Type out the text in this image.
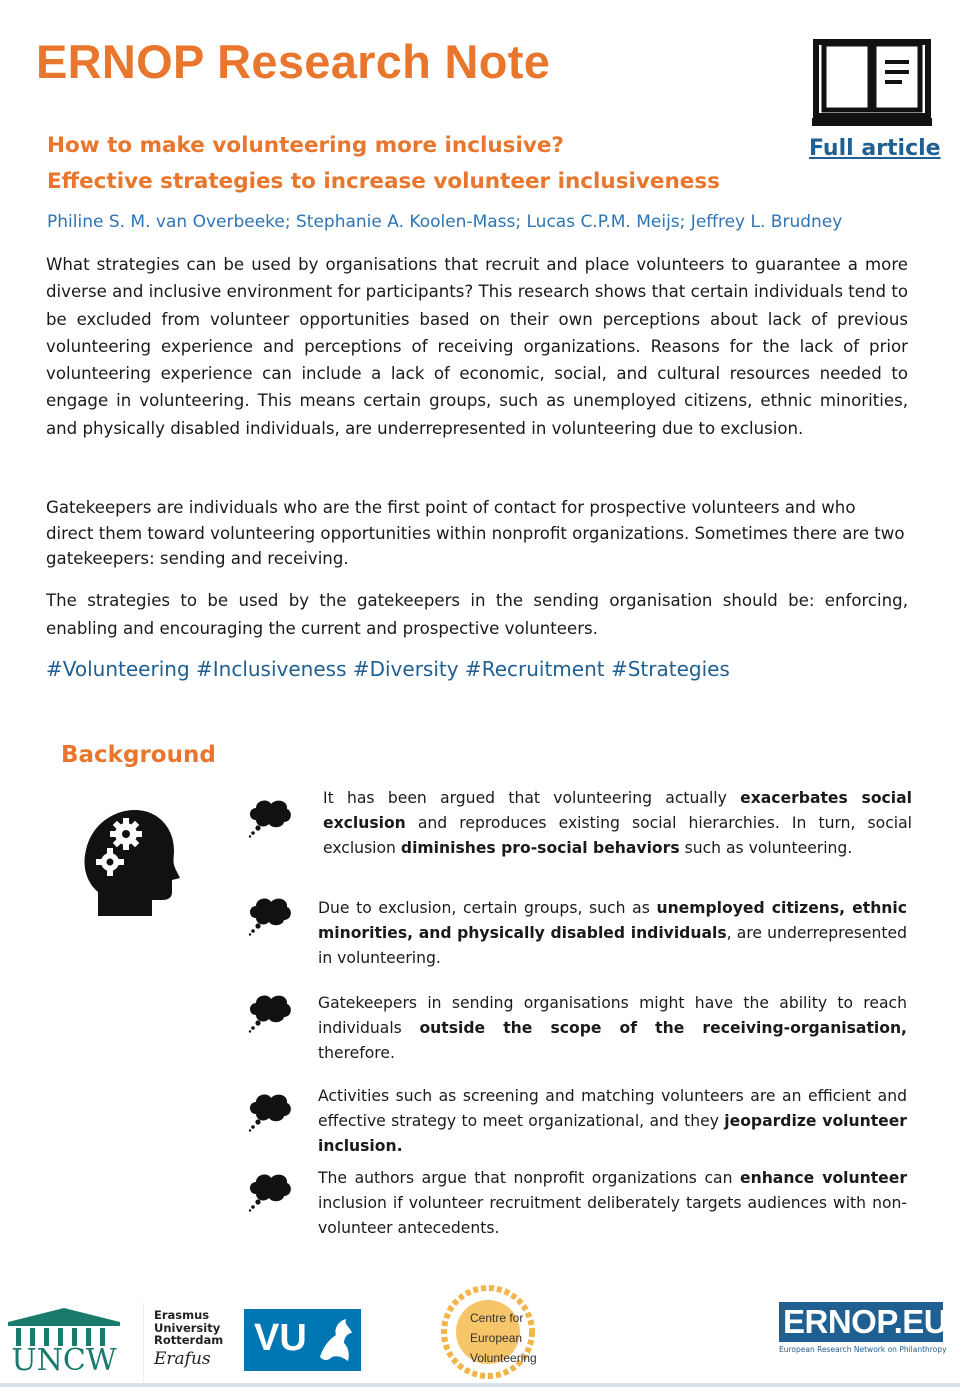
ERNOP Research Note
Full article
How to make volunteering more inclusive?
Effective strategies to increase volunteer inclusiveness
Philine S. M. van Overbeeke; Stephanie A. Koolen-Mass; Lucas C.P.M. Meijs; Jeffrey L. Brudney
What strategies can be used by organisations that recruit and place volunteers to guarantee a more diverse and inclusive environment for participants? This research shows that certain individuals tend to be excluded from volunteer opportunities based on their own perceptions about lack of previous volunteering experience and perceptions of receiving organizations. Reasons for the lack of prior volunteering experience can include a lack of economic, social, and cultural resources needed to engage in volunteering. This means certain groups, such as unemployed citizens, ethnic minorities, and physically disabled individuals, are underrepresented in volunteering due to exclusion.
Gatekeepers are individuals who are the first point of contact for prospective volunteers and who direct them toward volunteering opportunities within nonprofit organizations. Sometimes there are two gatekeepers: sending and receiving.
The strategies to be used by the gatekeepers in the sending organisation should be: enforcing, enabling and encouraging the current and prospective volunteers.
#Volunteering #Inclusiveness #Diversity #Recruitment #Strategies
Background
It has been argued that volunteering actually exacerbates social exclusion and reproduces existing social hierarchies. In turn, social exclusion diminishes pro-social behaviors such as volunteering.
Due to exclusion, certain groups, such as unemployed citizens, ethnic minorities, and physically disabled individuals, are underrepresented in volunteering.
Gatekeepers in sending organisations might have the ability to reach individuals outside the scope of the receiving-organisation, therefore.
Activities such as screening and matching volunteers are an efficient and effective strategy to meet organizational, and they jeopardize volunteer inclusion.
The authors argue that nonprofit organizations can enhance volunteer inclusion if volunteer recruitment deliberately targets audiences with non-volunteer antecedents.
UNCW
Erasmus
University
Rotterdam
Erafus	VU	Centre for
European
Volunteering
ERNOP.EU
European Research Network on Philanthropy
